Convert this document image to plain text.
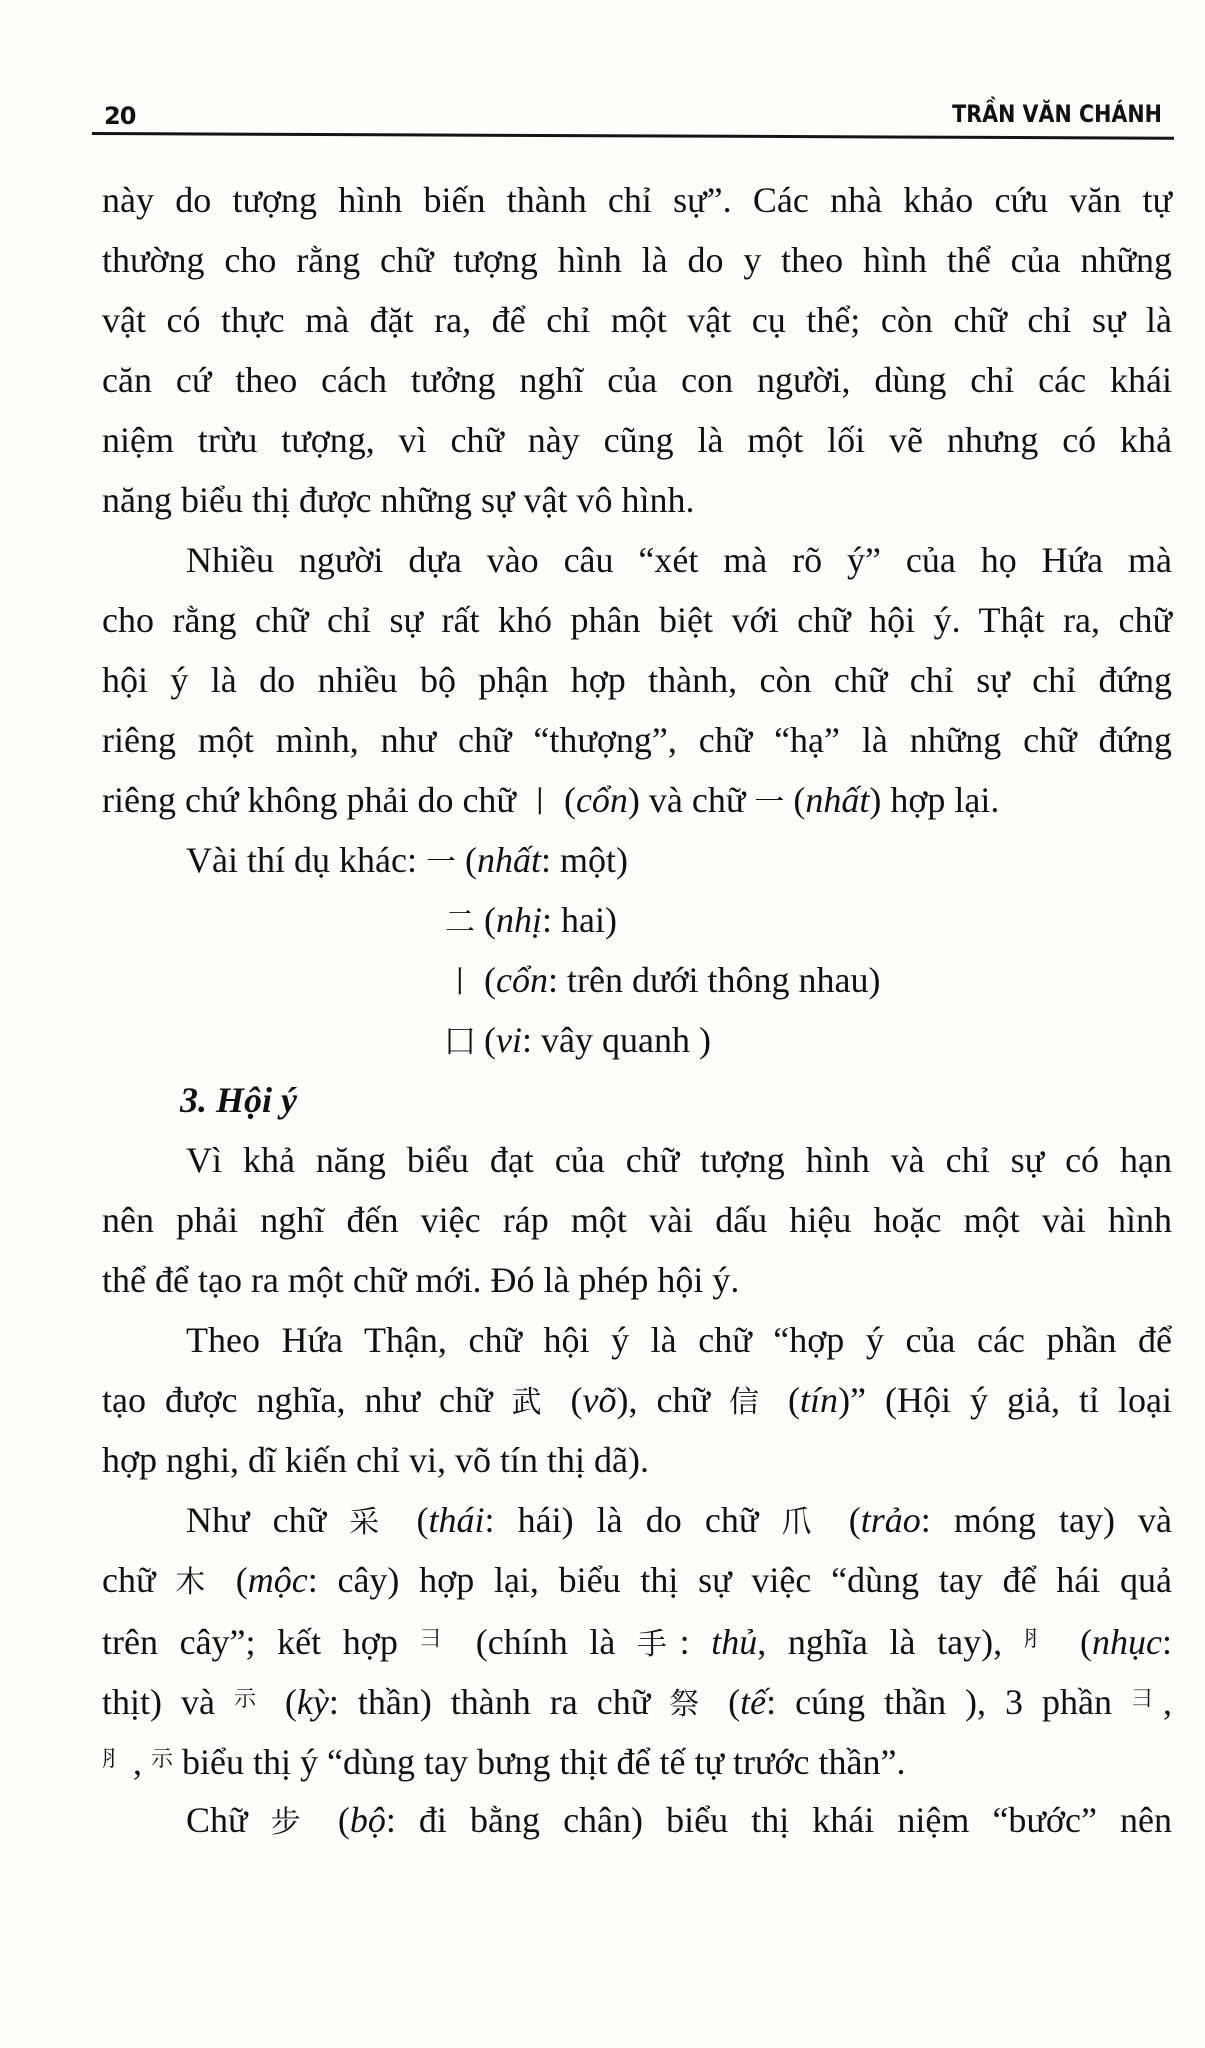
20	TRẦN VĂN CHÁNH
này do tượng hình biến thành chỉ sự”. Các nhà khảo cứu văn tự
thường cho rằng chữ tượng hình là do y theo hình thể của những
vật có thực mà đặt ra, để chỉ một vật cụ thể; còn chữ chỉ sự là
căn cứ theo cách tưởng nghĩ của con người, dùng chỉ các khái
niệm trừu tượng, vì chữ này cũng là một lối vẽ nhưng có khả
năng biểu thị được những sự vật vô hình.
Nhiều người dựa vào câu “xét mà rõ ý” của họ Hứa mà
cho rằng chữ chỉ sự rất khó phân biệt với chữ hội ý. Thật ra, chữ
hội ý là do nhiều bộ phận hợp thành, còn chữ chỉ sự chỉ đứng
riêng một mình, như chữ “thượng”, chữ “hạ” là những chữ đứng
riêng chứ không phải do chữ 丨 (cổn) và chữ 一 (nhất) hợp lại.
Vài thí dụ khác: 一 (nhất: một)
二 (nhị: hai)
丨 (cổn: trên dưới thông nhau)
囗 (vi: vây quanh )
3. Hội ý
Vì khả năng biểu đạt của chữ tượng hình và chỉ sự có hạn
nên phải nghĩ đến việc ráp một vài dấu hiệu hoặc một vài hình
thể để tạo ra một chữ mới. Đó là phép hội ý.
Theo Hứa Thận, chữ hội ý là chữ “hợp ý của các phần để
tạo được nghĩa, như chữ 武 (võ), chữ 信 (tín)” (Hội ý giả, tỉ loại
hợp nghi, dĩ kiến chỉ vi, võ tín thị dã).
Như chữ 采 (thái: hái) là do chữ 爪 (trảo: móng tay) và
chữ 木 (mộc: cây) hợp lại, biểu thị sự việc “dùng tay để hái quả
trên cây”; kết hợp ⺕ (chính là 手: thủ, nghĩa là tay), ⺼ (nhục:
thịt) và $^示$ (kỳ: thần) thành ra chữ 祭 (tế: cúng thần ), 3 phần ⺕,
⺼ , $^示$ biểu thị ý “dùng tay bưng thịt để tế tự trước thần”.
Chữ 步 (bộ: đi bằng chân) biểu thị khái niệm “bước” nên
